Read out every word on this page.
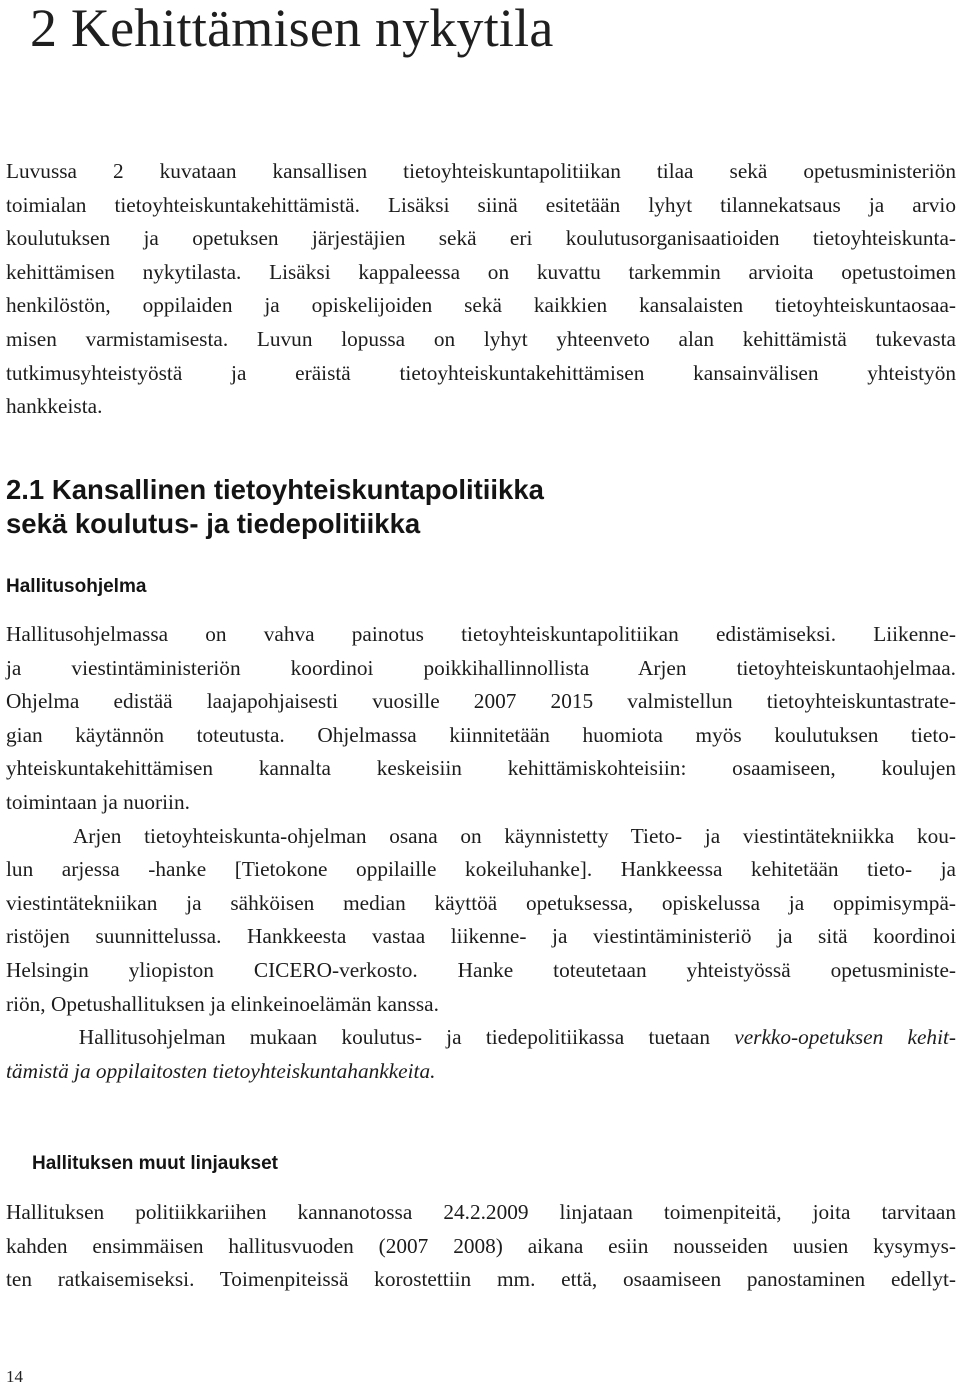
2 Kehittämisen nykytila

Luvussa 2 kuvataan kansallisen tietoyhteiskuntapolitiikan tilaa sekä opetusministeriön
toimialan tietoyhteiskuntakehittämistä. Lisäksi siinä esitetään lyhyt tilannekatsaus ja arvio
koulutuksen ja opetuksen järjestäjien sekä eri koulutusorganisaatioiden tietoyhteiskunta-
kehittämisen nykytilasta. Lisäksi kappaleessa on kuvattu tarkemmin arvioita opetustoimen
henkilöstön, oppilaiden ja opiskelijoiden sekä kaikkien kansalaisten tietoyhteiskuntaosaa-
misen varmistamisesta. Luvun lopussa on lyhyt yhteenveto alan kehittämistä tukevasta
tutkimusyhteistyöstä ja eräistä tietoyhteiskuntakehittämisen kansainvälisen yhteistyön
hankkeista.

2.1 Kansallinen tietoyhteiskuntapolitiikka
sekä koulutus- ja tiedepolitiikka
Hallitusohjelma

Hallitusohjelmassa on vahva painotus tietoyhteiskuntapolitiikan edistämiseksi. Liikenne-
ja viestintäministeriön koordinoi poikkihallinnollista Arjen tietoyhteiskuntaohjelmaa.
Ohjelma edistää laajapohjaisesti vuosille 2007 2015 valmistellun tietoyhteiskuntastrate-
gian käytännön toteutusta. Ohjelmassa kiinnitetään huomiota myös koulutuksen tieto-
yhteiskuntakehittämisen kannalta keskeisiin kehittämiskohteisiin: osaamiseen, koulujen
toimintaan ja nuoriin.
Arjen tietoyhteiskunta-ohjelman osana on käynnistetty Tieto- ja viestintätekniikka kou-
lun arjessa -hanke [Tietokone oppilaille kokeiluhanke]. Hankkeessa kehitetään tieto- ja
viestintätekniikan ja sähköisen median käyttöä opetuksessa, opiskelussa ja oppimisympä-
ristöjen suunnittelussa. Hankkeesta vastaa liikenne- ja viestintäministeriö ja sitä koordinoi
Helsingin yliopiston CICERO-verkosto. Hanke toteutetaan yhteistyössä opetusministe-
riön, Opetushallituksen ja elinkeinoelämän kanssa.
Hallitusohjelman mukaan koulutus- ja tiedepolitiikassa tuetaan verkko-opetuksen kehit-
tämistä ja oppilaitosten tietoyhteiskuntahankkeita.

Hallituksen muut linjaukset

Hallituksen politiikkariihen kannanotossa 24.2.2009 linjataan toimenpiteitä, joita tarvitaan
kahden ensimmäisen hallitusvuoden (2007 2008) aikana esiin nousseiden uusien kysymys-
ten ratkaisemiseksi. Toimenpiteissä korostettiin mm. että, osaamiseen panostaminen edellyt-

14
